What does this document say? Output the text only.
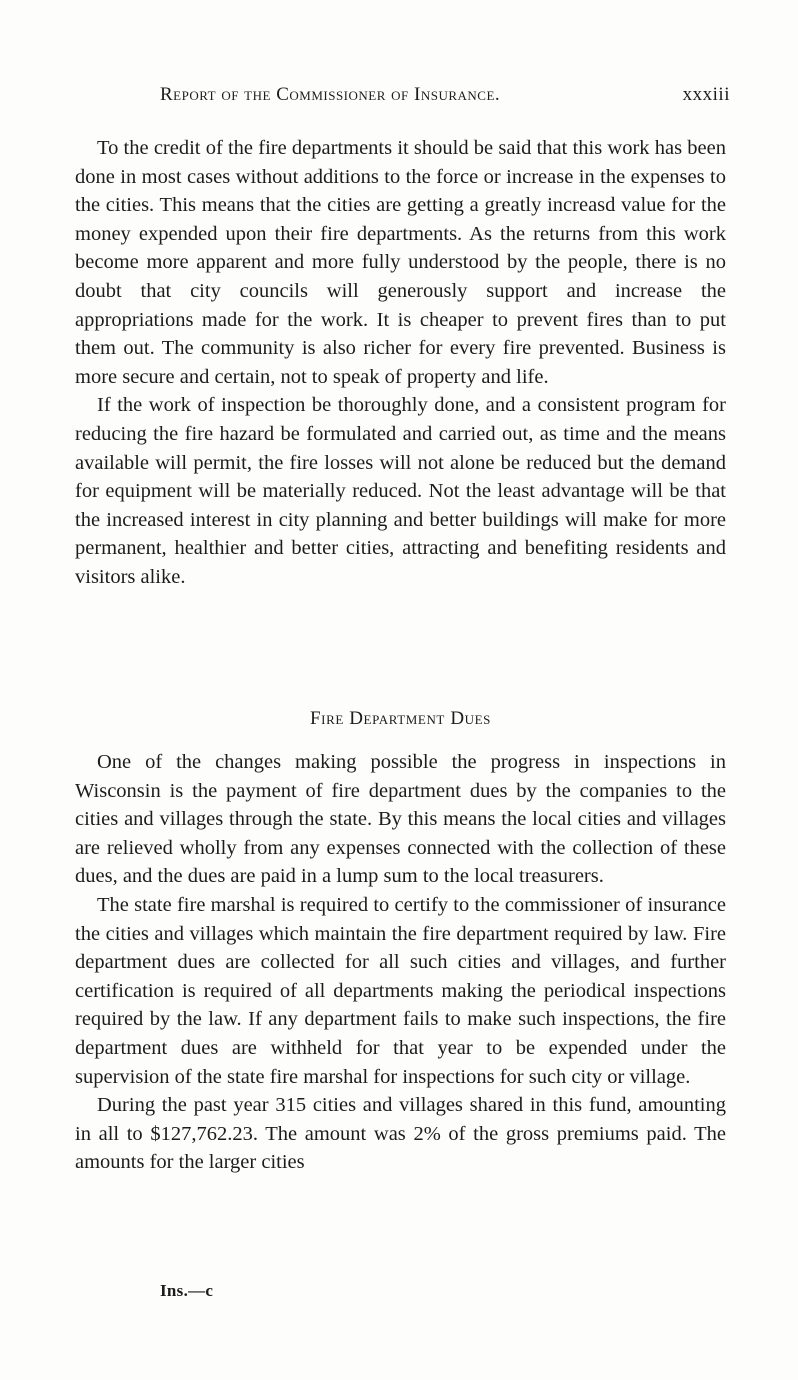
Report of the Commissioner of Insurance.	xxxiii

To the credit of the fire departments it should be said that this work has been done in most cases without additions to the force or increase in the expenses to the cities. This means that the cities are getting a greatly increasd value for the money expended upon their fire departments. As the returns from this work become more apparent and more fully understood by the people, there is no doubt that city councils will generously support and increase the appropriations made for the work. It is cheaper to prevent fires than to put them out. The community is also richer for every fire prevented. Business is more secure and certain, not to speak of property and life.

If the work of inspection be thoroughly done, and a consistent program for reducing the fire hazard be formulated and carried out, as time and the means available will permit, the fire losses will not alone be reduced but the demand for equipment will be materially reduced. Not the least advantage will be that the increased interest in city planning and better buildings will make for more permanent, healthier and better cities, attracting and benefiting residents and visitors alike.

Fire Department Dues

One of the changes making possible the progress in inspections in Wisconsin is the payment of fire department dues by the companies to the cities and villages through the state. By this means the local cities and villages are relieved wholly from any expenses connected with the collection of these dues, and the dues are paid in a lump sum to the local treasurers.

The state fire marshal is required to certify to the commissioner of insurance the cities and villages which maintain the fire department required by law. Fire department dues are collected for all such cities and villages, and further certification is required of all departments making the periodical inspections required by the law. If any department fails to make such inspections, the fire department dues are withheld for that year to be expended under the supervision of the state fire marshal for inspections for such city or village.

During the past year 315 cities and villages shared in this fund, amounting in all to $127,762.23. The amount was 2% of the gross premiums paid. The amounts for the larger cities

Ins.—c
